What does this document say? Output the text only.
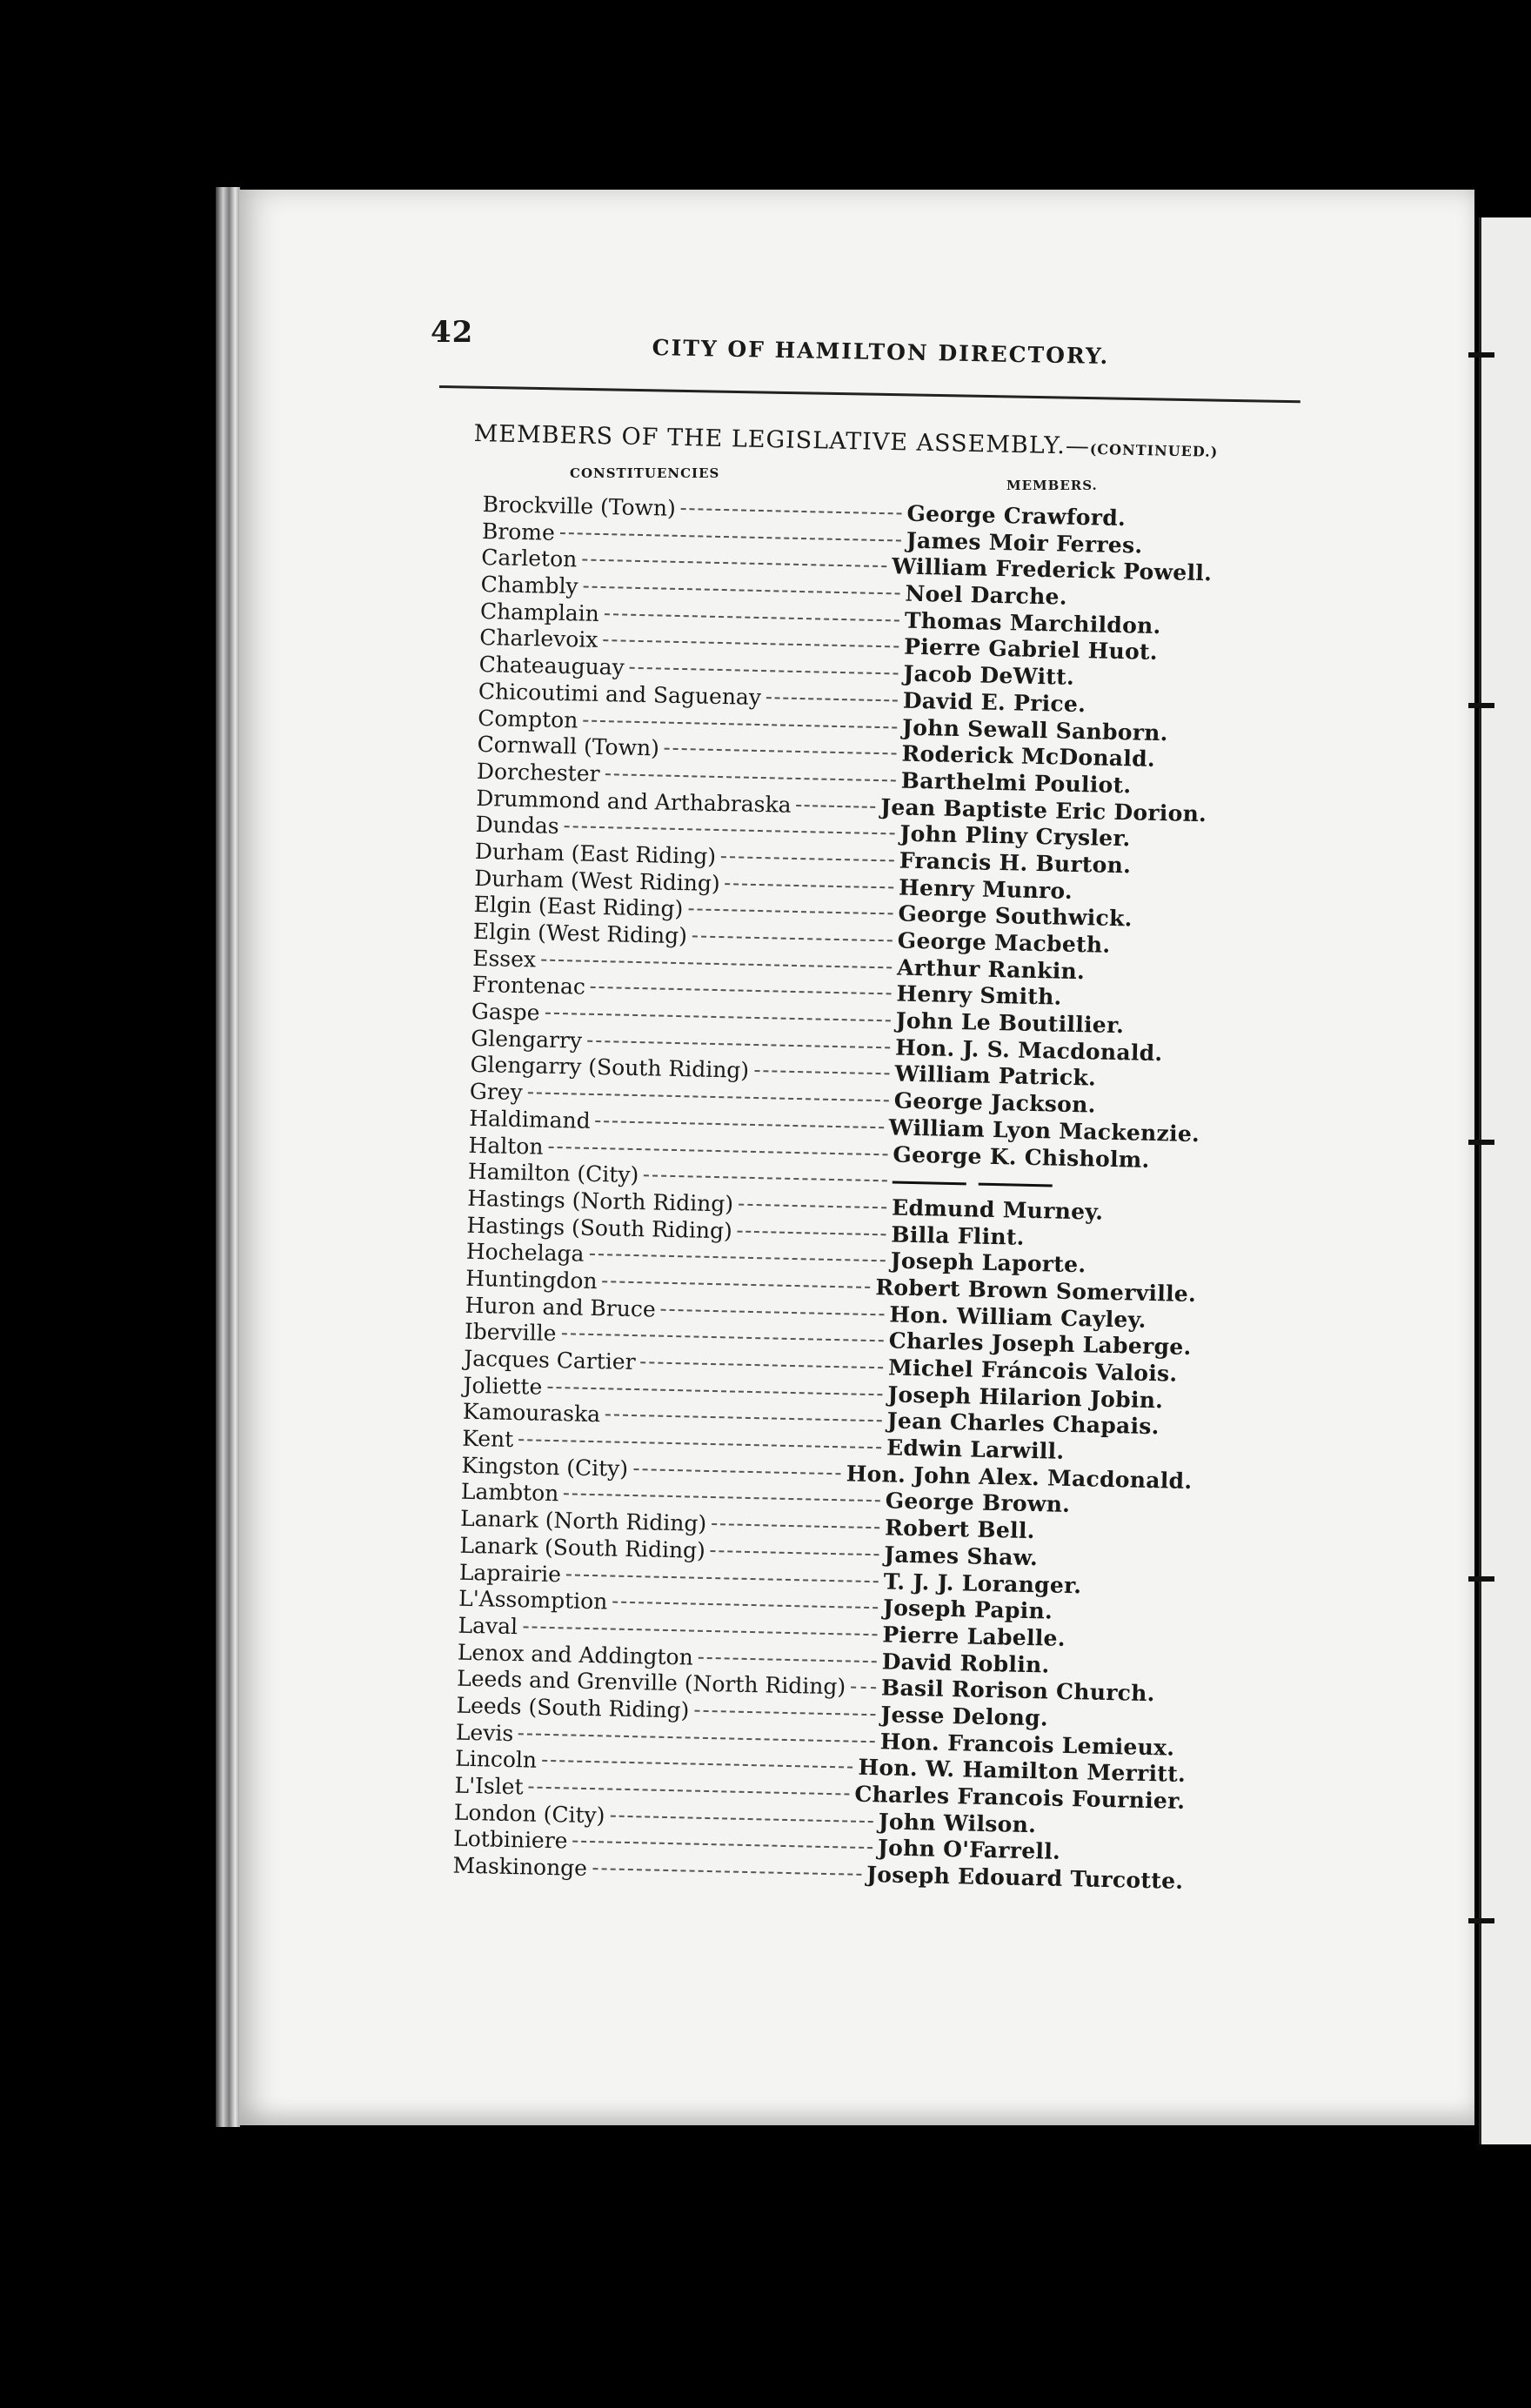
42
CITY OF HAMILTON DIRECTORY.
MEMBERS OF THE LEGISLATIVE ASSEMBLY.—(CONTINUED.)
CONSTITUENCIES
MEMBERS.
Brockville (Town)	George Crawford.
Brome	James Moir Ferres.
Carleton	William Frederick Powell.
Chambly	Noel Darche.
Champlain	Thomas Marchildon.
Charlevoix	Pierre Gabriel Huot.
Chateauguay	Jacob DeWitt.
Chicoutimi and Saguenay	David E. Price.
Compton	John Sewall Sanborn.
Cornwall (Town)	Roderick McDonald.
Dorchester	Barthelmi Pouliot.
Drummond and Arthabraska	Jean Baptiste Eric Dorion.
Dundas	John Pliny Crysler.
Durham (East Riding)	Francis H. Burton.
Durham (West Riding)	Henry Munro.
Elgin (East Riding)	George Southwick.
Elgin (West Riding)	George Macbeth.
Essex	Arthur Rankin.
Frontenac	Henry Smith.
Gaspe	John Le Boutillier.
Glengarry	Hon. J. S. Macdonald.
Glengarry (South Riding)	William Patrick.
Grey	George Jackson.
Haldimand	William Lyon Mackenzie.
Halton	George K. Chisholm.
Hamilton (City)
Hastings (North Riding)	Edmund Murney.
Hastings (South Riding)	Billa Flint.
Hochelaga	Joseph Laporte.
Huntingdon	Robert Brown Somerville.
Huron and Bruce	Hon. William Cayley.
Iberville	Charles Joseph Laberge.
Jacques Cartier	Michel Fráncois Valois.
Joliette	Joseph Hilarion Jobin.
Kamouraska	Jean Charles Chapais.
Kent	Edwin Larwill.
Kingston (City)	Hon. John Alex. Macdonald.
Lambton	George Brown.
Lanark (North Riding)	Robert Bell.
Lanark (South Riding)	James Shaw.
Laprairie	T. J. J. Loranger.
L'Assomption	Joseph Papin.
Laval	Pierre Labelle.
Lenox and Addington	David Roblin.
Leeds and Grenville (North Riding) Basil Rorison Church.
Leeds (South Riding)	Jesse Delong.
Levis	Hon. Francois Lemieux.
Lincoln	Hon. W. Hamilton Merritt.
L'Islet	Charles Francois Fournier.
London (City)	John Wilson.
Lotbiniere	John O'Farrell.
Maskinonge	Joseph Edouard Turcotte.
